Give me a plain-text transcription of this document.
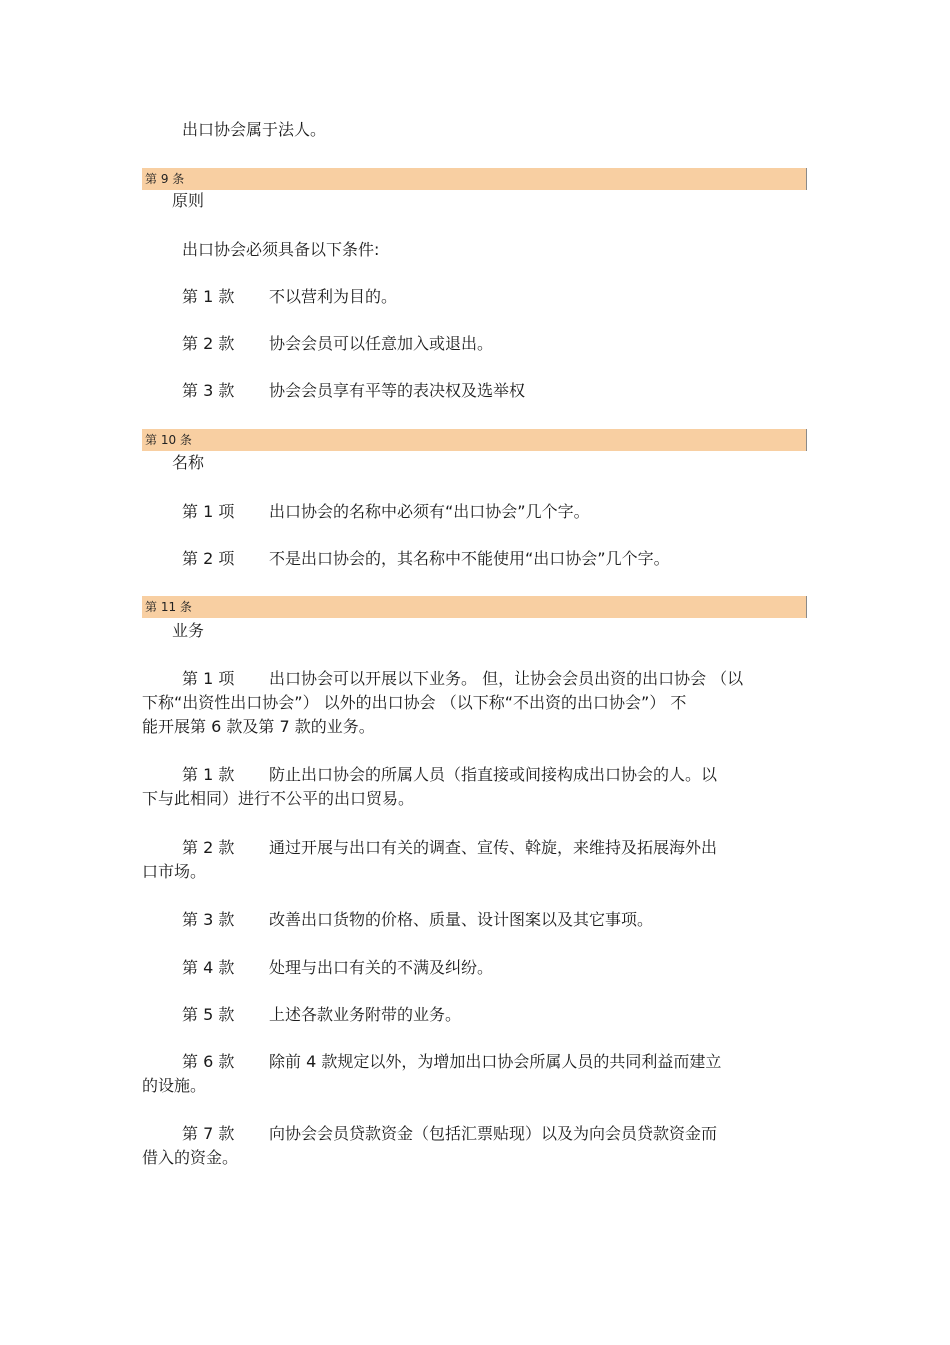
出口协会属于法人。
第 9 条
原则
出口协会必须具备以下条件:
第 1 款 不以营利为目的。
第 2 款 协会会员可以任意加入或退出。
第 3 款 协会会员享有平等的表决权及选举权
第 10 条
名称
第 1 项 出口协会的名称中必须有“出口协会”几个字。
第 2 项 不是出口协会的，其名称中不能使用“出口协会”几个字。
第 11 条
业务
第 1 项 出口协会可以开展以下业务。 但，让协会会员出资的出口协会 （以
下称“出资性出口协会”） 以外的出口协会 （以下称“不出资的出口协会”） 不
能开展第 6 款及第 7 款的业务。
第 1 款 防止出口协会的所属人员（指直接或间接构成出口协会的人。以
下与此相同）进行不公平的出口贸易。
第 2 款 通过开展与出口有关的调查、宣传、斡旋，来维持及拓展海外出
口市场。
第 3 款 改善出口货物的价格、质量、设计图案以及其它事项。
第 4 款 处理与出口有关的不满及纠纷。
第 5 款 上述各款业务附带的业务。
第 6 款 除前 4 款规定以外，为增加出口协会所属人员的共同利益而建立
的设施。
第 7 款 向协会会员贷款资金（包括汇票贴现）以及为向会员贷款资金而
借入的资金。
